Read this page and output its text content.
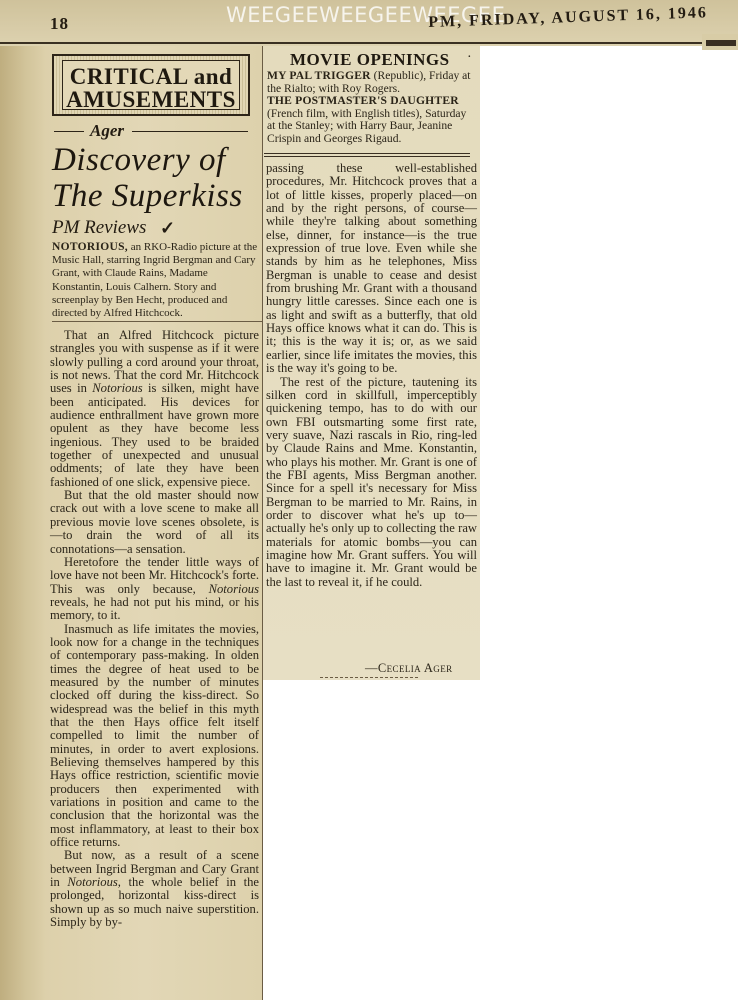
18	WEEGEEWEEGEEWEEGEE
PM, FRIDAY, AUGUST 16, 1946
CRITICAL and
AMUSEMENTS
Ager
Discovery of
The Superkiss
PM Reviews ✓

NOTORIOUS, an RKO-Radio picture at the Music Hall, starring Ingrid Bergman and Cary Grant, with Claude Rains, Madame Konstantin, Louis Calhern. Story and screenplay by Ben Hecht, produced and directed by Alfred Hitchcock.

That an Alfred Hitchcock picture strangles you with suspense as if it were slowly pulling a cord around your throat, is not news. That the cord Mr. Hitchcock uses in Notorious is silken, might have been anticipated. His devices for audience enthrallment have grown more opulent as they have become less ingenious. They used to be braided together of unexpected and unusual oddments; of late they have been fashioned of one slick, expensive piece.

But that the old master should now crack out with a love scene to make all previous movie love scenes obsolete, is—to drain the word of all its connotations—a sensation.

Heretofore the tender little ways of love have not been Mr. Hitchcock's forte. This was only because, Notorious reveals, he had not put his mind, or his memory, to it.

Inasmuch as life imitates the movies, look now for a change in the techniques of contemporary pass-making. In olden times the degree of heat used to be measured by the number of minutes clocked off during the kiss-direct. So widespread was the belief in this myth that the then Hays office felt itself compelled to limit the number of minutes, in order to avert explosions. Believing themselves hampered by this Hays office restriction, scientific movie producers then experimented with variations in position and came to the conclusion that the horizontal was the most inflammatory, at least to their box office returns.

But now, as a result of a scene between Ingrid Bergman and Cary Grant in Notorious, the whole belief in the prolonged, horizontal kiss-direct is shown up as so much naive superstition. Simply by by-

MOVIE OPENINGS ·

MY PAL TRIGGER (Republic), Friday at the Rialto; with Roy Rogers.

THE POSTMASTER'S DAUGHTER (French film, with English titles), Saturday at the Stanley; with Harry Baur, Jeanine Crispin and Georges Rigaud.

passing these well-established procedures, Mr. Hitchcock proves that a lot of little kisses, properly placed—on and by the right persons, of course—while they're talking about something else, dinner, for instance—is the true expression of true love. Even while she stands by him as he telephones, Miss Bergman is unable to cease and desist from brushing Mr. Grant with a thousand hungry little caresses. Since each one is as light and swift as a butterfly, that old Hays office knows what it can do. This is it; this is the way it is; or, as we said earlier, since life imitates the movies, this is the way it's going to be.

The rest of the picture, tautening its silken cord in skillfull, imperceptibly quickening tempo, has to do with our own FBI outsmarting some first rate, very suave, Nazi rascals in Rio, ring-led by Claude Rains and Mme. Konstantin, who plays his mother. Mr. Grant is one of the FBI agents, Miss Bergman another. Since for a spell it's necessary for Miss Bergman to be married to Mr. Rains, in order to discover what he's up to—actually he's only up to collecting the raw materials for atomic bombs—you can imagine how Mr. Grant suffers. You will have to imagine it. Mr. Grant would be the last to reveal it, if he could.

—Cecelia Ager
